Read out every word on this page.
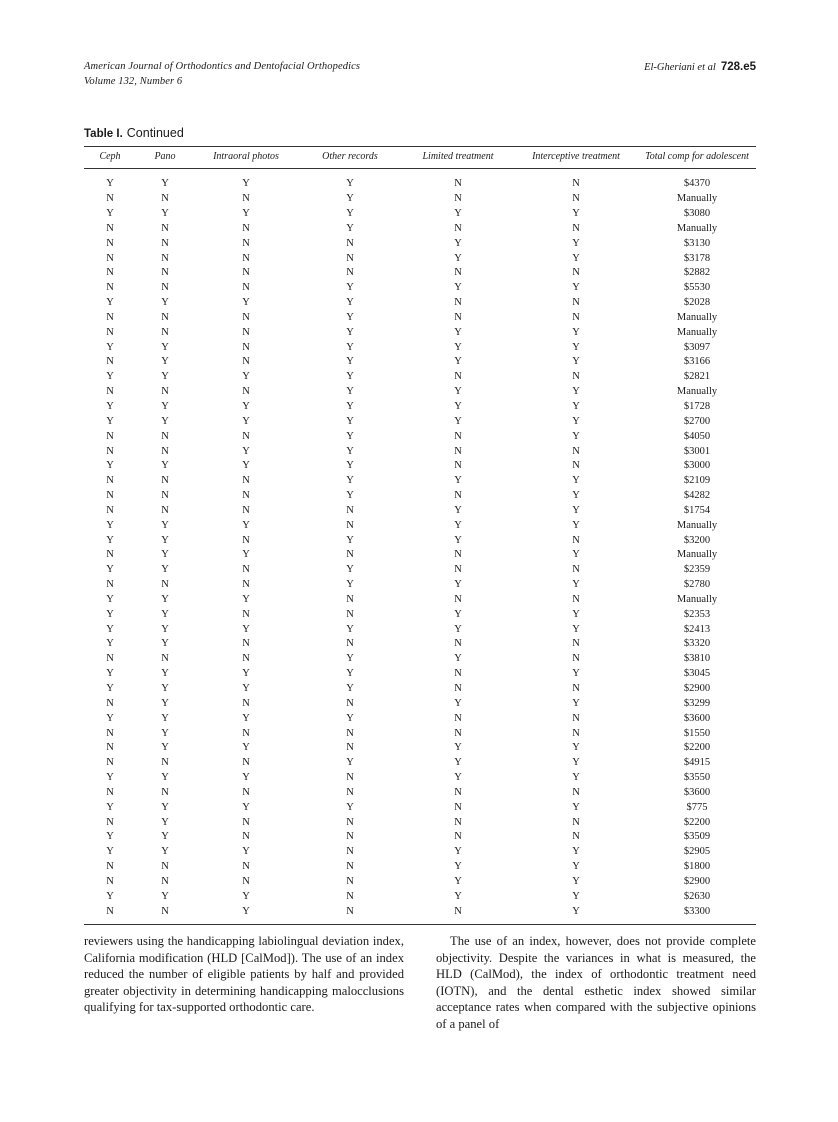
American Journal of Orthodontics and Dentofacial Orthopedics
Volume 132, Number 6
El-Gheriani et al 728.e5
Table I. Continued
Ceph	Pano	Intraoral photos	Other records	Limited treatment	Interceptive treatment	Total comp for adolescent
Y	Y	Y	Y	N	N	$4370
N	N	N	Y	N	N	Manually
Y	Y	Y	Y	Y	Y	$3080
N	N	N	Y	N	N	Manually
N	N	N	N	Y	Y	$3130
N	N	N	N	Y	Y	$3178
N	N	N	N	N	N	$2882
N	N	N	Y	Y	Y	$5530
Y	Y	Y	Y	N	N	$2028
N	N	N	Y	N	N	Manually
N	N	N	Y	Y	Y	Manually
Y	Y	N	Y	Y	Y	$3097
N	Y	N	Y	Y	Y	$3166
Y	Y	Y	Y	N	N	$2821
N	N	N	Y	Y	Y	Manually
Y	Y	Y	Y	Y	Y	$1728
Y	Y	Y	Y	Y	Y	$2700
N	N	N	Y	N	Y	$4050
N	N	Y	Y	N	N	$3001
Y	Y	Y	Y	N	N	$3000
N	N	N	Y	Y	Y	$2109
N	N	N	Y	N	Y	$4282
N	N	N	N	Y	Y	$1754
Y	Y	Y	N	Y	Y	Manually
Y	Y	N	Y	Y	N	$3200
N	Y	Y	N	N	Y	Manually
Y	Y	N	Y	N	N	$2359
N	N	N	Y	Y	Y	$2780
Y	Y	Y	N	N	N	Manually
Y	Y	N	N	Y	Y	$2353
Y	Y	Y	Y	Y	Y	$2413
Y	Y	N	N	N	N	$3320
N	N	N	Y	Y	N	$3810
Y	Y	Y	Y	N	Y	$3045
Y	Y	Y	Y	N	N	$2900
N	Y	N	N	Y	Y	$3299
Y	Y	Y	Y	N	N	$3600
N	Y	N	N	N	N	$1550
N	Y	Y	N	Y	Y	$2200
N	N	N	Y	Y	Y	$4915
Y	Y	Y	N	Y	Y	$3550
N	N	N	N	N	N	$3600
Y	Y	Y	Y	N	Y	$775
N	Y	N	N	N	N	$2200
Y	Y	N	N	N	N	$3509
Y	Y	Y	N	Y	Y	$2905
N	N	N	N	Y	Y	$1800
N	N	N	N	Y	Y	$2900
Y	Y	Y	N	Y	Y	$2630
N	N	Y	N	N	Y	$3300

reviewers using the handicapping labiolingual deviation index, California modification (HLD [CalMod]). The use of an index reduced the number of eligible patients by half and provided greater objectivity in determining handicapping malocclusions qualifying for tax-supported orthodontic care.

The use of an index, however, does not provide complete objectivity. Despite the variances in what is measured, the HLD (CalMod), the index of orthodontic treatment need (IOTN), and the dental esthetic index showed similar acceptance rates when compared with the subjective opinions of a panel of
